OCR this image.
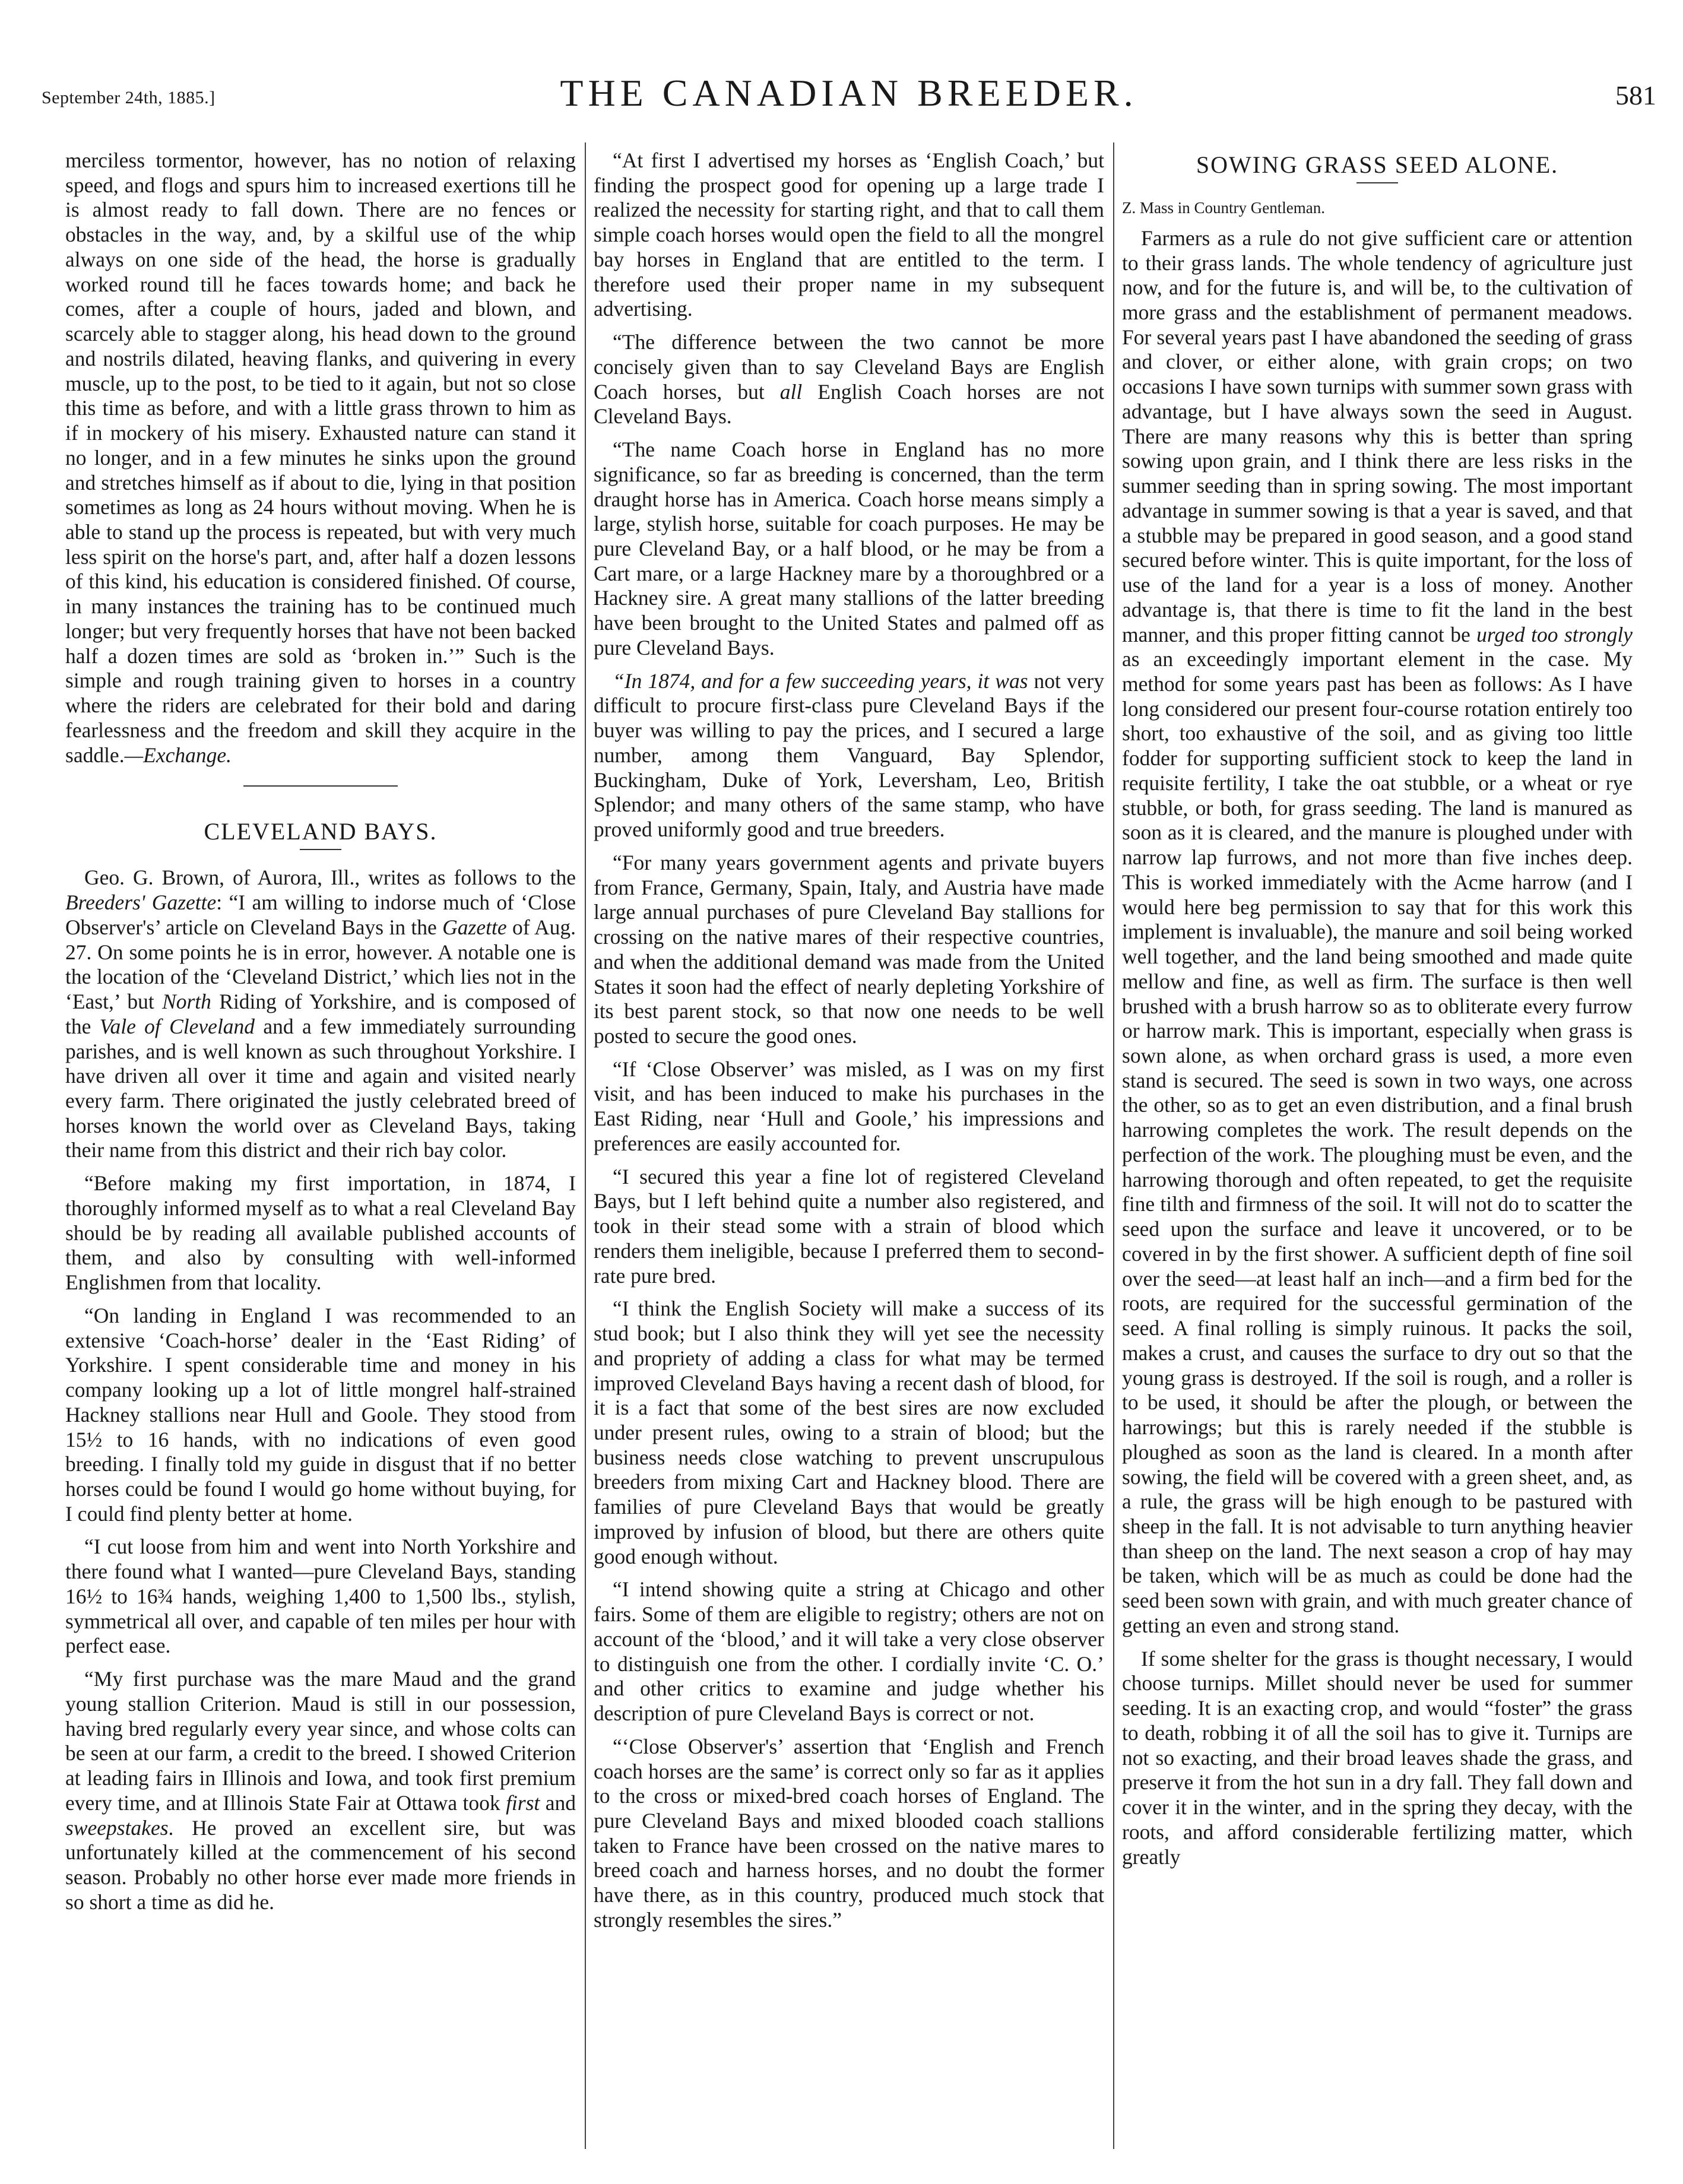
September 24th, 1885.]	THE CANADIAN BREEDER.	581

merciless tormentor, however, has no notion of relaxing speed, and flogs and spurs him to increased exertions till he is almost ready to fall down. There are no fences or obstacles in the way, and, by a skilful use of the whip always on one side of the head, the horse is gradually worked round till he faces towards home; and back he comes, after a couple of hours, jaded and blown, and scarcely able to stagger along, his head down to the ground and nostrils dilated, heaving flanks, and quivering in every muscle, up to the post, to be tied to it again, but not so close this time as before, and with a little grass thrown to him as if in mockery of his misery. Exhausted nature can stand it no longer, and in a few minutes he sinks upon the ground and stretches himself as if about to die, lying in that position sometimes as long as 24 hours without moving. When he is able to stand up the process is repeated, but with very much less spirit on the horse's part, and, after half a dozen lessons of this kind, his education is considered finished. Of course, in many instances the training has to be continued much longer; but very frequently horses that have not been backed half a dozen times are sold as ‘broken in.’” Such is the simple and rough training given to horses in a country where the riders are celebrated for their bold and daring fearlessness and the freedom and skill they acquire in the saddle.—Exchange.

CLEVELAND BAYS.

Geo. G. Brown, of Aurora, Ill., writes as follows to the Breeders' Gazette: “I am willing to indorse much of ‘Close Observer's’ article on Cleveland Bays in the Gazette of Aug. 27. On some points he is in error, however. A notable one is the location of the ‘Cleveland District,’ which lies not in the ‘East,’ but North Riding of Yorkshire, and is composed of the Vale of Cleveland and a few immediately surrounding parishes, and is well known as such throughout Yorkshire. I have driven all over it time and again and visited nearly every farm. There originated the justly celebrated breed of horses known the world over as Cleveland Bays, taking their name from this district and their rich bay color.

“Before making my first importation, in 1874, I thoroughly informed myself as to what a real Cleveland Bay should be by reading all available published accounts of them, and also by consulting with well-informed Englishmen from that locality.

“On landing in England I was recommended to an extensive ‘Coach-horse’ dealer in the ‘East Riding’ of Yorkshire. I spent considerable time and money in his company looking up a lot of little mongrel half-strained Hackney stallions near Hull and Goole. They stood from 15½ to 16 hands, with no indications of even good breeding. I finally told my guide in disgust that if no better horses could be found I would go home without buying, for I could find plenty better at home.

“I cut loose from him and went into North Yorkshire and there found what I wanted—pure Cleveland Bays, standing 16½ to 16¾ hands, weighing 1,400 to 1,500 lbs., stylish, symmetrical all over, and capable of ten miles per hour with perfect ease.

“My first purchase was the mare Maud and the grand young stallion Criterion. Maud is still in our possession, having bred regularly every year since, and whose colts can be seen at our farm, a credit to the breed. I showed Criterion at leading fairs in Illinois and Iowa, and took first premium every time, and at Illinois State Fair at Ottawa took first and sweepstakes. He proved an excellent sire, but was unfortunately killed at the commencement of his second season. Probably no other horse ever made more friends in so short a time as did he.

“At first I advertised my horses as ‘English Coach,’ but finding the prospect good for opening up a large trade I realized the necessity for starting right, and that to call them simple coach horses would open the field to all the mongrel bay horses in England that are entitled to the term. I therefore used their proper name in my subsequent advertising.

“The difference between the two cannot be more concisely given than to say Cleveland Bays are English Coach horses, but all English Coach horses are not Cleveland Bays.

“The name Coach horse in England has no more significance, so far as breeding is concerned, than the term draught horse has in America. Coach horse means simply a large, stylish horse, suitable for coach purposes. He may be pure Cleveland Bay, or a half blood, or he may be from a Cart mare, or a large Hackney mare by a thoroughbred or a Hackney sire. A great many stallions of the latter breeding have been brought to the United States and palmed off as pure Cleveland Bays.

“In 1874, and for a few succeeding years, it was not very difficult to procure first-class pure Cleveland Bays if the buyer was willing to pay the prices, and I secured a large number, among them Vanguard, Bay Splendor, Buckingham, Duke of York, Leversham, Leo, British Splendor; and many others of the same stamp, who have proved uniformly good and true breeders.

“For many years government agents and private buyers from France, Germany, Spain, Italy, and Austria have made large annual purchases of pure Cleveland Bay stallions for crossing on the native mares of their respective countries, and when the additional demand was made from the United States it soon had the effect of nearly depleting Yorkshire of its best parent stock, so that now one needs to be well posted to secure the good ones.

“If ‘Close Observer’ was misled, as I was on my first visit, and has been induced to make his purchases in the East Riding, near ‘Hull and Goole,’ his impressions and preferences are easily accounted for.

“I secured this year a fine lot of registered Cleveland Bays, but I left behind quite a number also registered, and took in their stead some with a strain of blood which renders them ineligible, because I preferred them to second-rate pure bred.

“I think the English Society will make a success of its stud book; but I also think they will yet see the necessity and propriety of adding a class for what may be termed improved Cleveland Bays having a recent dash of blood, for it is a fact that some of the best sires are now excluded under present rules, owing to a strain of blood; but the business needs close watching to prevent unscrupulous breeders from mixing Cart and Hackney blood. There are families of pure Cleveland Bays that would be greatly improved by infusion of blood, but there are others quite good enough without.

“I intend showing quite a string at Chicago and other fairs. Some of them are eligible to registry; others are not on account of the ‘blood,’ and it will take a very close observer to distinguish one from the other. I cordially invite ‘C. O.’ and other critics to examine and judge whether his description of pure Cleveland Bays is correct or not.

“‘Close Observer's’ assertion that ‘English and French coach horses are the same’ is correct only so far as it applies to the cross or mixed-bred coach horses of England. The pure Cleveland Bays and mixed blooded coach stallions taken to France have been crossed on the native mares to breed coach and harness horses, and no doubt the former have there, as in this country, produced much stock that strongly resembles the sires.”

SOWING GRASS SEED ALONE.

Z. Mass in Country Gentleman.

Farmers as a rule do not give sufficient care or attention to their grass lands. The whole tendency of agriculture just now, and for the future is, and will be, to the cultivation of more grass and the establishment of permanent meadows. For several years past I have abandoned the seeding of grass and clover, or either alone, with grain crops; on two occasions I have sown turnips with summer sown grass with advantage, but I have always sown the seed in August. There are many reasons why this is better than spring sowing upon grain, and I think there are less risks in the summer seeding than in spring sowing. The most important advantage in summer sowing is that a year is saved, and that a stubble may be prepared in good season, and a good stand secured before winter. This is quite important, for the loss of use of the land for a year is a loss of money. Another advantage is, that there is time to fit the land in the best manner, and this proper fitting cannot be urged too strongly as an exceedingly important element in the case. My method for some years past has been as follows: As I have long considered our present four-course rotation entirely too short, too exhaustive of the soil, and as giving too little fodder for supporting sufficient stock to keep the land in requisite fertility, I take the oat stubble, or a wheat or rye stubble, or both, for grass seeding. The land is manured as soon as it is cleared, and the manure is ploughed under with narrow lap furrows, and not more than five inches deep. This is worked immediately with the Acme harrow (and I would here beg permission to say that for this work this implement is invaluable), the manure and soil being worked well together, and the land being smoothed and made quite mellow and fine, as well as firm. The surface is then well brushed with a brush harrow so as to obliterate every furrow or harrow mark. This is important, especially when grass is sown alone, as when orchard grass is used, a more even stand is secured. The seed is sown in two ways, one across the other, so as to get an even distribution, and a final brush harrowing completes the work. The result depends on the perfection of the work. The ploughing must be even, and the harrowing thorough and often repeated, to get the requisite fine tilth and firmness of the soil. It will not do to scatter the seed upon the surface and leave it uncovered, or to be covered in by the first shower. A sufficient depth of fine soil over the seed—at least half an inch—and a firm bed for the roots, are required for the successful germination of the seed. A final rolling is simply ruinous. It packs the soil, makes a crust, and causes the surface to dry out so that the young grass is destroyed. If the soil is rough, and a roller is to be used, it should be after the plough, or between the harrowings; but this is rarely needed if the stubble is ploughed as soon as the land is cleared. In a month after sowing, the field will be covered with a green sheet, and, as a rule, the grass will be high enough to be pastured with sheep in the fall. It is not advisable to turn anything heavier than sheep on the land. The next season a crop of hay may be taken, which will be as much as could be done had the seed been sown with grain, and with much greater chance of getting an even and strong stand.

If some shelter for the grass is thought necessary, I would choose turnips. Millet should never be used for summer seeding. It is an exacting crop, and would “foster” the grass to death, robbing it of all the soil has to give it. Turnips are not so exacting, and their broad leaves shade the grass, and preserve it from the hot sun in a dry fall. They fall down and cover it in the winter, and in the spring they decay, with the roots, and afford considerable fertilizing matter, which greatly
